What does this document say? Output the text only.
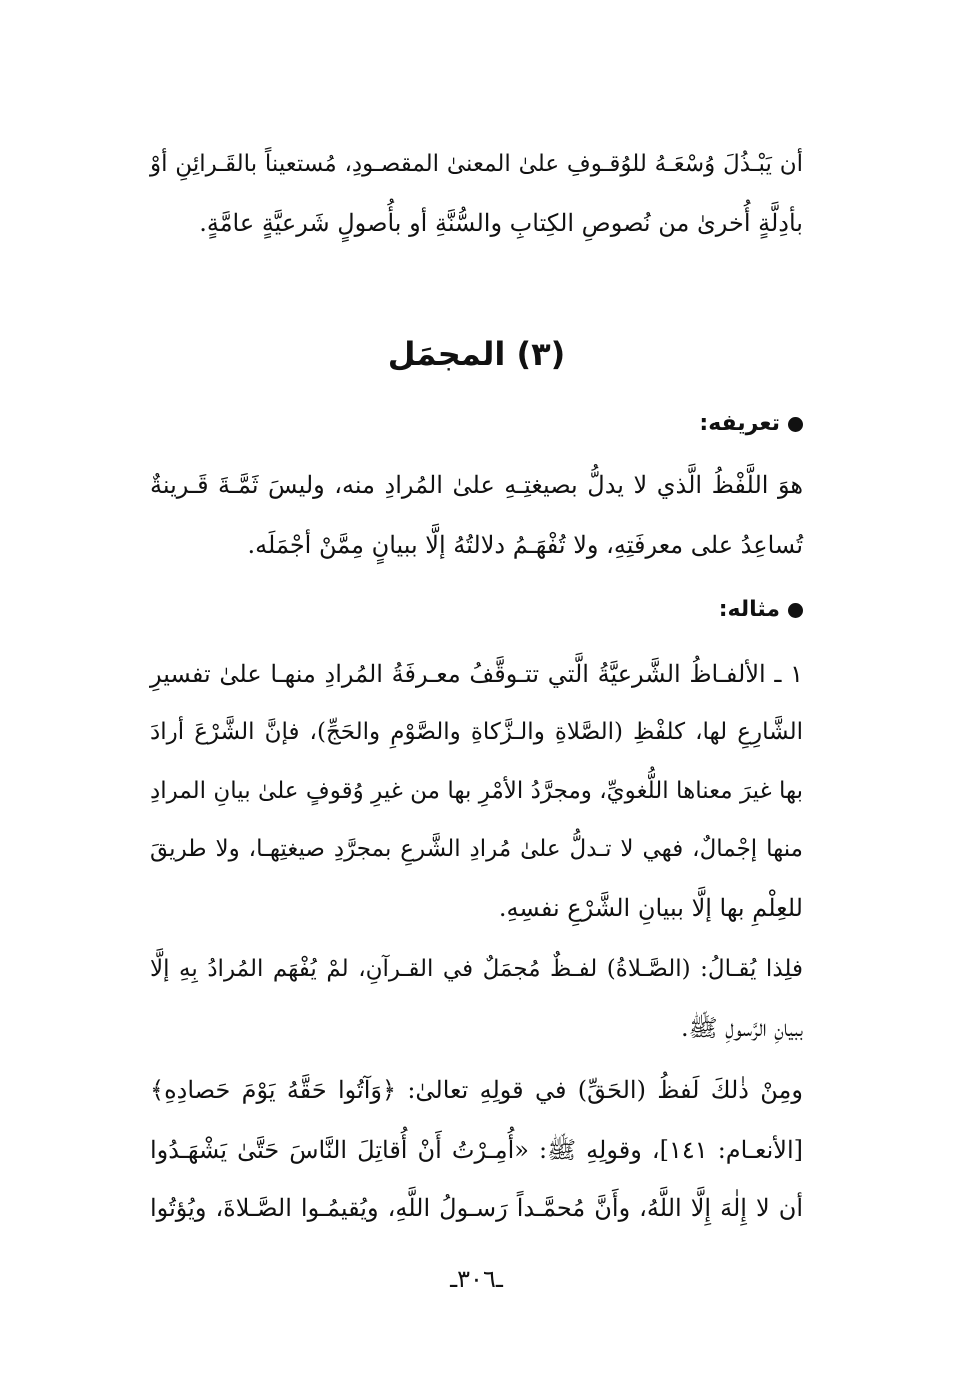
أن يَبْـذُلَ وُسْعَـهُ للوُقـوفِ علىٰ المعنىٰ المقصـودِ، مُستعيناً بالقَـرائِنِ أوْ
بأدِلَّةٍ أُخرىٰ من نُصوصِ الكِتابِ والسُّنَّةِ أو بأُصولٍ شَرعيَّةٍ عامَّةٍ.
(٣) المجمَل
تعريفه:
هوَ اللَّفْظُ الَّذي لا يدلُّ بصيغتِـهِ علىٰ المُرادِ منه، وليسَ ثَمَّـةَ قَـرينةٌ
تُساعِدُ على معرفَتِهِ، ولا تُفْهَـمُ دلالتُهُ إلَّا ببيانٍ مِمَّنْ أجْمَلَه.
مثاله:
١ ـ الألفـاظُ الشَّرعيَّةُ الَّتي تتـوقَّفُ معـرفَةُ المُرادِ منهـا علىٰ تفسيرِ
الشَّارِعِ لها، كلفْظِ (الصَّلاةِ والـزَّكاةِ والصَّوْمِ والحَجِّ)، فإنَّ الشَّرْعَ أرادَ
بها غيرَ معناها اللُّغويِّ، ومجرَّدُ الأمْرِ بها من غيرِ وُقوفٍ علىٰ بيانِ المرادِ
منها إجْمالٌ، فهي لا تـدلُّ علىٰ مُرادِ الشَّرعِ بمجرَّدِ صيغتِهـا، ولا طريقَ
للعِلْمِ بها إلَّا ببيانِ الشَّرْعِ نفسِهِ.
فلِذا يُقـالُ: (الصَّـلاةُ) لفـظٌ مُجمَلٌ في القـرآنِ، لمْ يُفْهَم المُرادُ بِهِ إلَّا
ببيانِ الرَّسولِ ﷺ.
ومِنْ ذٰلكَ لَفظُ (الحَقِّ) في قولِهِ تعالىٰ: ﴿وَآتُوا حَقَّهُ يَوْمَ حَصادِهِ﴾
[الأنعـام: ١٤١]، وقولِهِ ﷺ: «أُمِـرْتُ أَنْ أُقاتِلَ النَّاسَ حَتَّىٰ يَشْهَـدُوا
أن لا إِلٰهَ إِلَّا اللَّهُ، وأَنَّ مُحمَّـداً رَسـولُ اللَّهِ، ويُقيمُـوا الصَّـلاةَ، ويُؤتُوا
ـ٣٠٦ـ
